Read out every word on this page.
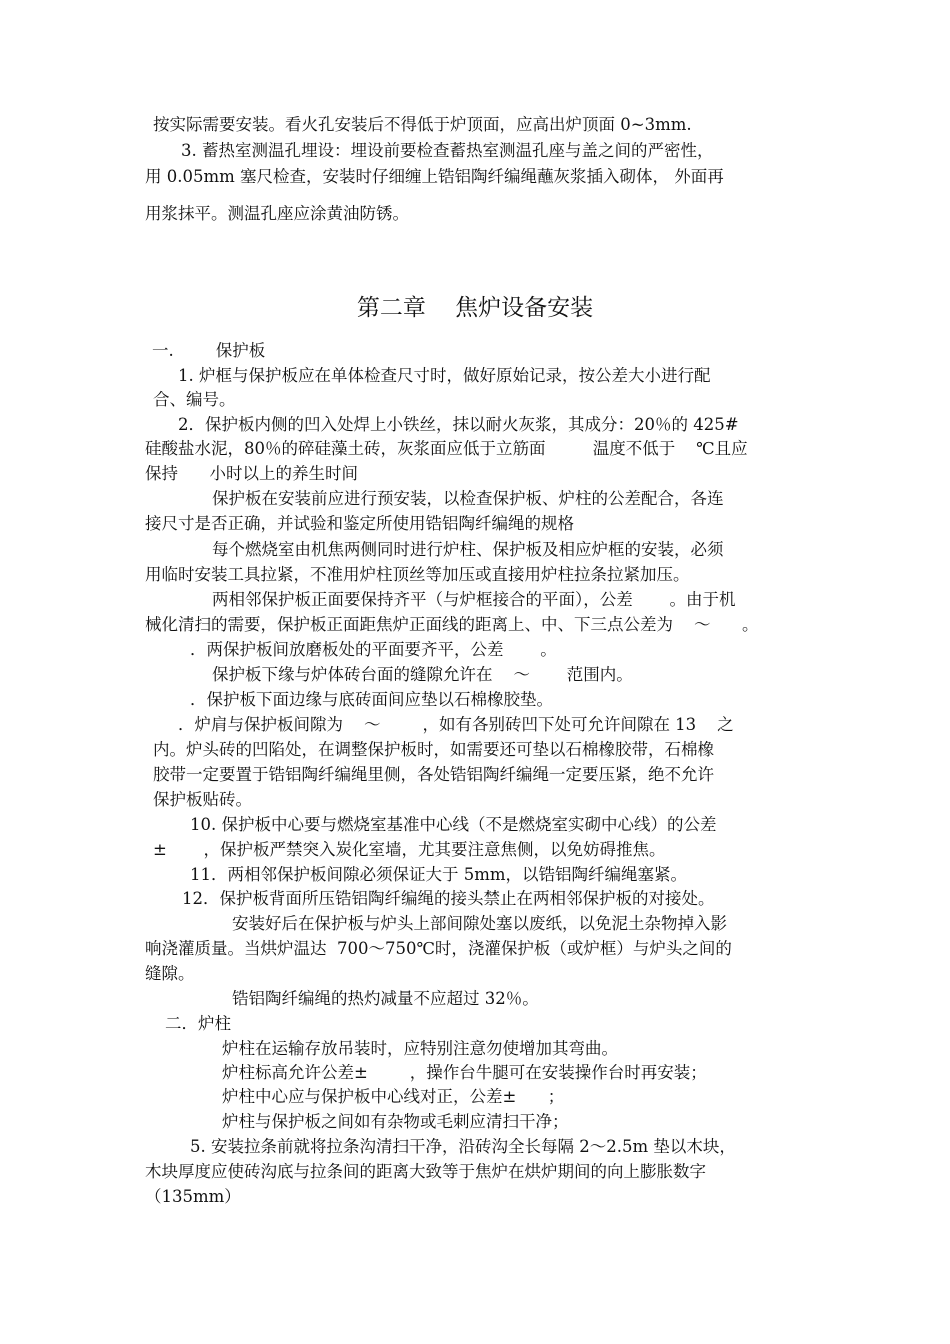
按实际需要安装。看火孔安装后不得低于炉顶面，应高出炉顶面 0~3mm.

3. 蓄热室测温孔埋设：埋设前要检查蓄热室测温孔座与盖之间的严密性，

用 0.05mm 塞尺检查，安装时仔细缠上锆铝陶纤编绳蘸灰浆插入砌体， 外面再

用浆抹平。测温孔座应涂黄油防锈。

第二章    焦炉设备安装

一.        保护板

1. 炉框与保护板应在单体检查尺寸时，做好原始记录，按公差大小进行配

合、编号。

2．保护板内侧的凹入处焊上小铁丝，抹以耐火灰浆，其成分：20％的 425#

硅酸盐水泥，80％的碎硅藻土砖，灰浆面应低于立筋面         温度不低于    ℃且应

保持      小时以上的养生时间

保护板在安装前应进行预安装，以检查保护板、炉柱的公差配合，各连

接尺寸是否正确，并试验和鉴定所使用锆铝陶纤编绳的规格

每个燃烧室由机焦两侧同时进行炉柱、保护板及相应炉框的安装，必须

用临时安装工具拉紧，不准用炉柱顶丝等加压或直接用炉柱拉条拉紧加压。

两相邻保护板正面要保持齐平（与炉框接合的平面），公差       。由于机

械化清扫的需要，保护板正面距焦炉正面线的距离上、中、下三点公差为    ～      。

．两保护板间放磨板处的平面要齐平，公差       。

保护板下缘与炉体砖台面的缝隙允许在    ～       范围内。

．保护板下面边缘与底砖面间应垫以石棉橡胶垫。

．炉肩与保护板间隙为    ～        ，如有各别砖凹下处可允许间隙在 13    之

内。炉头砖的凹陷处，在调整保护板时，如需要还可垫以石棉橡胶带，石棉橡

胶带一定要置于锆铝陶纤编绳里侧，各处锆铝陶纤编绳一定要压紧，绝不允许

保护板贴砖。

10. 保护板中心要与燃烧室基准中心线（不是燃烧室实砌中心线）的公差

±       ，保护板严禁突入炭化室墙，尤其要注意焦侧，以免妨碍推焦。

11．两相邻保护板间隙必须保证大于 5mm，以锆铝陶纤编绳塞紧。

12．保护板背面所压锆铝陶纤编绳的接头禁止在两相邻保护板的对接处。

安装好后在保护板与炉头上部间隙处塞以废纸，以免泥土杂物掉入影

响浇灌质量。当烘炉温达  700～750℃时，浇灌保护板（或炉框）与炉头之间的

缝隙。

锆铝陶纤编绳的热灼减量不应超过 32％。

二．炉柱

炉柱在运输存放吊装时，应特别注意勿使增加其弯曲。

炉柱标高允许公差±        ，操作台牛腿可在安装操作台时再安装；

炉柱中心应与保护板中心线对正，公差±      ；

炉柱与保护板之间如有杂物或毛刺应清扫干净；

5. 安装拉条前就将拉条沟清扫干净，沿砖沟全长每隔 2～2.5m 垫以木块，

木块厚度应使砖沟底与拉条间的距离大致等于焦炉在烘炉期间的向上膨胀数字

（135mm）
